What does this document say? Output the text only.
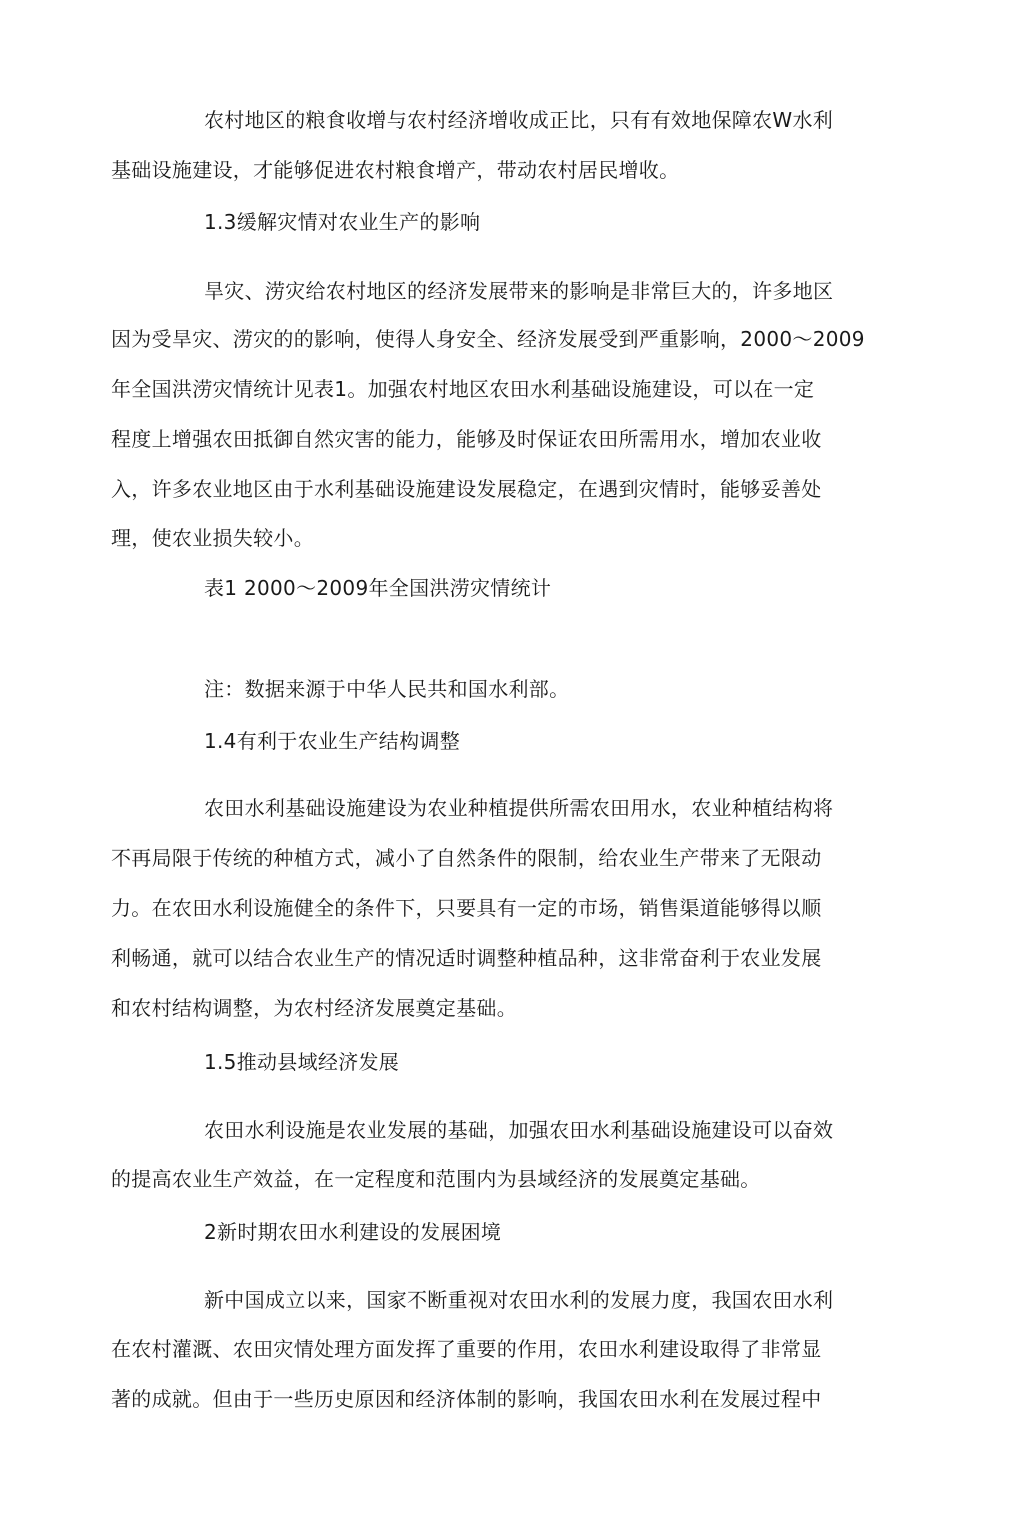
农村地区的粮食收增与农村经济增收成正比，只有有效地保障农W水利
基础设施建设，才能够促进农村粮食增产，带动农村居民增收。
1.3缓解灾情对农业生产的影响
旱灾、涝灾给农村地区的经济发展带来的影响是非常巨大的，许多地区
因为受旱灾、涝灾的的影响，使得人身安全、经济发展受到严重影响，2000～2009
年全国洪涝灾情统计见表1。加强农村地区农田水利基础设施建设，可以在一定
程度上增强农田抵御自然灾害的能力，能够及时保证农田所需用水，增加农业收
入，许多农业地区由于水利基础设施建设发展稳定，在遇到灾情时，能够妥善处
理，使农业损失较小。
表1 2000～2009年全国洪涝灾情统计
注：数据来源于中华人民共和国水利部。
1.4有利于农业生产结构调整
农田水利基础设施建设为农业种植提供所需农田用水，农业种植结构将
不再局限于传统的种植方式，减小了自然条件的限制，给农业生产带来了无限动
力。在农田水利设施健全的条件下，只要具有一定的市场，销售渠道能够得以顺
利畅通，就可以结合农业生产的情况适时调整种植品种，这非常奋利于农业发展
和农村结构调整，为农村经济发展奠定基础。
1.5推动县域经济发展
农田水利设施是农业发展的基础，加强农田水利基础设施建设可以奋效
的提高农业生产效益，在一定程度和范围内为县域经济的发展奠定基础。
2新时期农田水利建设的发展困境
新中国成立以来，国家不断重视对农田水利的发展力度，我国农田水利
在农村灌溉、农田灾情处理方面发挥了重要的作用，农田水利建设取得了非常显
著的成就。但由于一些历史原因和经济体制的影响，我国农田水利在发展过程中
